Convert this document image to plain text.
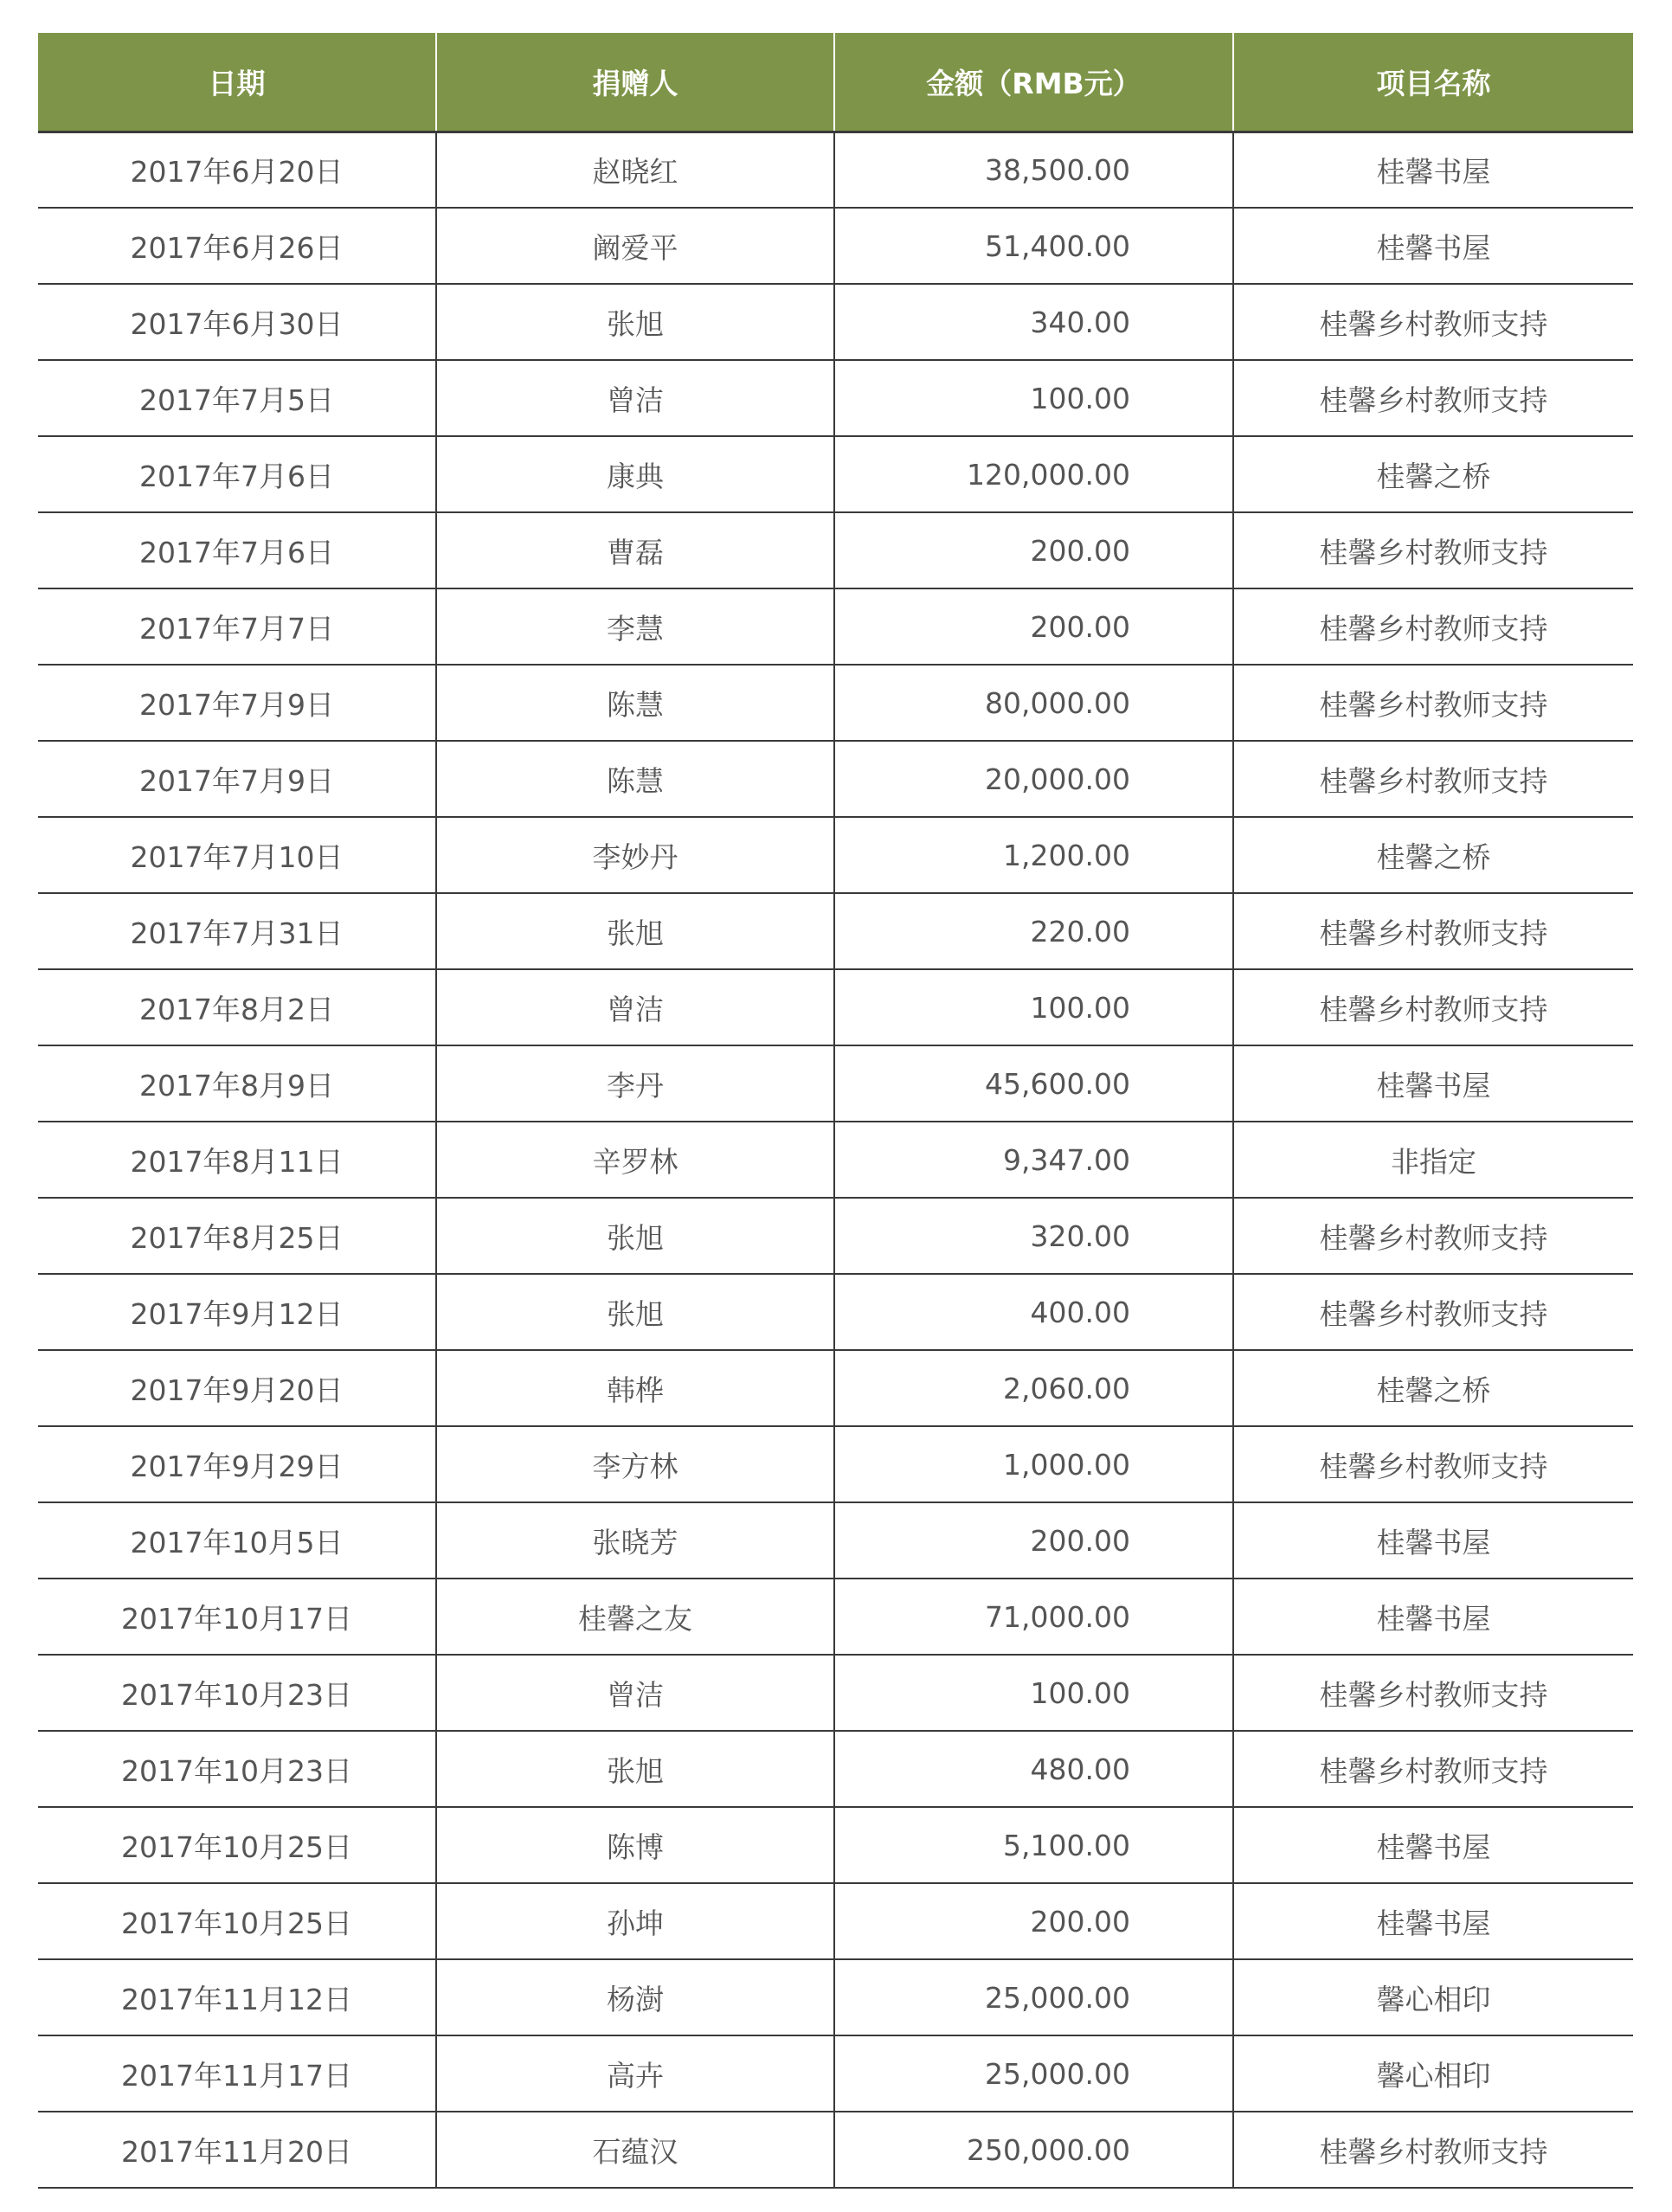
日期	捐赠人	金额（RMB元）	项目名称
2017年6月20日	赵晓红	38,500.00	桂馨书屋
2017年6月26日	阚爱平	51,400.00	桂馨书屋
2017年6月30日	张旭	340.00	桂馨乡村教师支持
2017年7月5日	曾洁	100.00	桂馨乡村教师支持
2017年7月6日	康典	120,000.00	桂馨之桥
2017年7月6日	曹磊	200.00	桂馨乡村教师支持
2017年7月7日	李慧	200.00	桂馨乡村教师支持
2017年7月9日	陈慧	80,000.00	桂馨乡村教师支持
2017年7月9日	陈慧	20,000.00	桂馨乡村教师支持
2017年7月10日	李妙丹	1,200.00	桂馨之桥
2017年7月31日	张旭	220.00	桂馨乡村教师支持
2017年8月2日	曾洁	100.00	桂馨乡村教师支持
2017年8月9日	李丹	45,600.00	桂馨书屋
2017年8月11日	辛罗林	9,347.00	非指定
2017年8月25日	张旭	320.00	桂馨乡村教师支持
2017年9月12日	张旭	400.00	桂馨乡村教师支持
2017年9月20日	韩桦	2,060.00	桂馨之桥
2017年9月29日	李方林	1,000.00	桂馨乡村教师支持
2017年10月5日	张晓芳	200.00	桂馨书屋
2017年10月17日	桂馨之友	71,000.00	桂馨书屋
2017年10月23日	曾洁	100.00	桂馨乡村教师支持
2017年10月23日	张旭	480.00	桂馨乡村教师支持
2017年10月25日	陈博	5,100.00	桂馨书屋
2017年10月25日	孙坤	200.00	桂馨书屋
2017年11月12日	杨澍	25,000.00	馨心相印
2017年11月17日	高卉	25,000.00	馨心相印
2017年11月20日	石蕴汉	250,000.00	桂馨乡村教师支持
